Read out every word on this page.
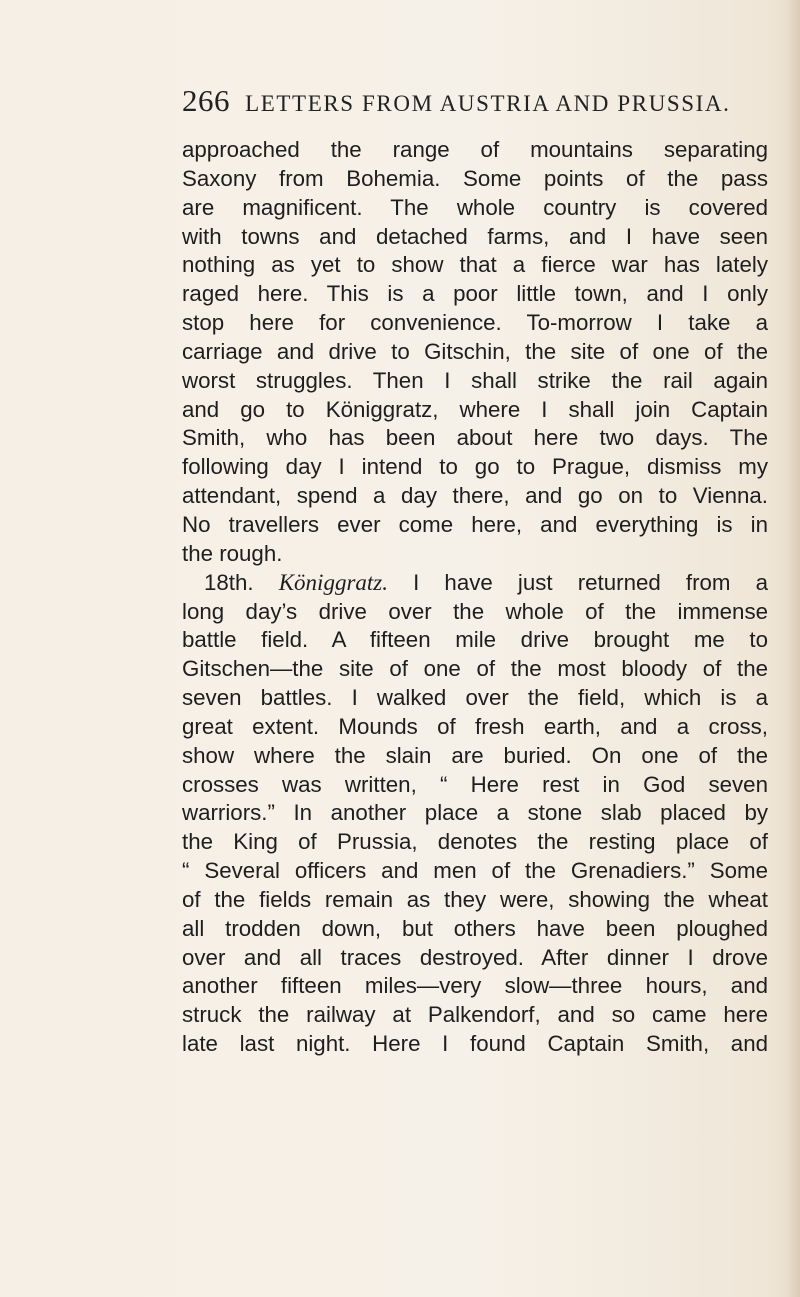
266 LETTERS FROM AUSTRIA AND PRUSSIA.
approached the range of mountains separating
Saxony from Bohemia. Some points of the pass
are magnificent. The whole country is covered
with towns and detached farms, and I have seen
nothing as yet to show that a fierce war has lately
raged here. This is a poor little town, and I only
stop here for convenience. To-morrow I take a
carriage and drive to Gitschin, the site of one of the
worst struggles. Then I shall strike the rail again
and go to Königgratz, where I shall join Captain
Smith, who has been about here two days. The
following day I intend to go to Prague, dismiss my
attendant, spend a day there, and go on to Vienna.
No travellers ever come here, and everything is in
the rough.
18th. Königgratz. I have just returned from a
long day’s drive over the whole of the immense
battle field. A fifteen mile drive brought me to
Gitschen—the site of one of the most bloody of the
seven battles. I walked over the field, which is a
great extent. Mounds of fresh earth, and a cross,
show where the slain are buried. On one of the
crosses was written, “ Here rest in God seven
warriors.” In another place a stone slab placed by
the King of Prussia, denotes the resting place of
“ Several officers and men of the Grenadiers.” Some
of the fields remain as they were, showing the wheat
all trodden down, but others have been ploughed
over and all traces destroyed. After dinner I drove
another fifteen miles—very slow—three hours, and
struck the railway at Palkendorf, and so came here
late last night. Here I found Captain Smith, and
